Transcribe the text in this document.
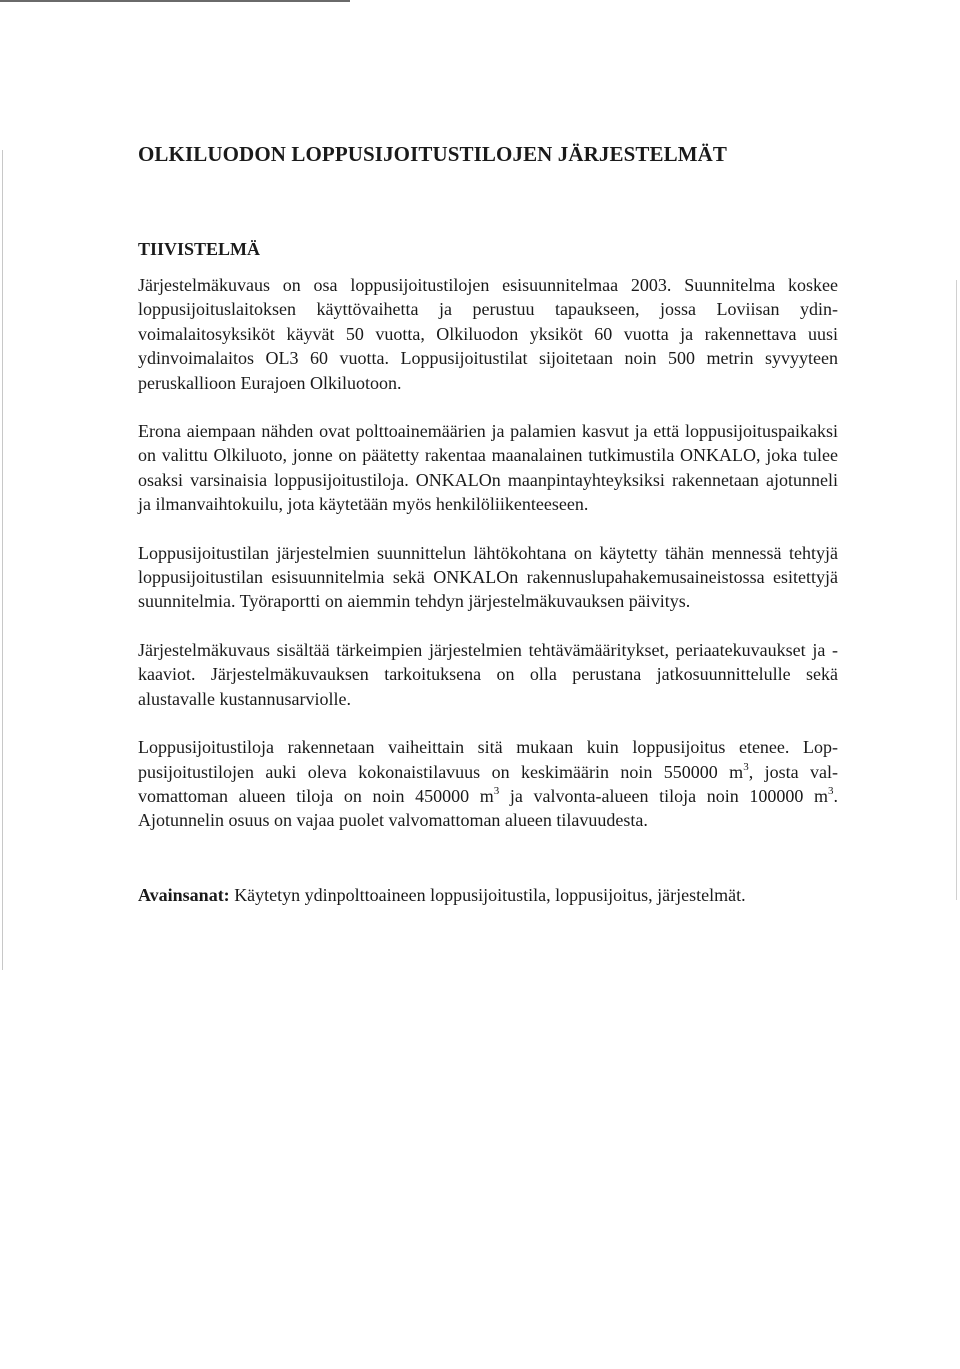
OLKILUODON LOPPUSIJOITUSTILOJEN JÄRJESTELMÄT
TIIVISTELMÄ

Järjestelmäkuvaus on osa loppusijoitustilojen esisuunnitelmaa 2003. Suunnitelma koskee loppusijoituslaitoksen käyttövaihetta ja perustuu tapaukseen, jossa Loviisan ydinvoimalaitosyksiköt käyvät 50 vuotta, Olkiluodon yksiköt 60 vuotta ja rakennettava uusi ydinvoimalaitos OL3 60 vuotta. Loppusijoitustilat sijoitetaan noin 500 metrin syvyyteen peruskallioon Eurajoen Olkiluotoon.

Erona aiempaan nähden ovat polttoainemäärien ja palamien kasvut ja että loppusijoituspaikaksi on valittu Olkiluoto, jonne on päätetty rakentaa maanalainen tutkimustila ONKALO, joka tulee osaksi varsinaisia loppusijoitustiloja. ONKALOn maanpintayhteyksiksi rakennetaan ajotunneli ja ilmanvaihtokuilu, jota käytetään myös henkilöliikenteeseen.

Loppusijoitustilan järjestelmien suunnittelun lähtökohtana on käytetty tähän mennessä tehtyjä loppusijoitustilan esisuunnitelmia sekä ONKALOn rakennuslupahakemusaineistossa esitettyjä suunnitelmia. Työraportti on aiemmin tehdyn järjestelmäkuvauksen päivitys.

Järjestelmäkuvaus sisältää tärkeimpien järjestelmien tehtävämääritykset, periaatekuvaukset ja -kaaviot. Järjestelmäkuvauksen tarkoituksena on olla perustana jatkosuunnittelulle sekä alustavalle kustannusarviolle.

Loppusijoitustiloja rakennetaan vaiheittain sitä mukaan kuin loppusijoitus etenee. Loppusijoitustilojen auki oleva kokonaistilavuus on keskimäärin noin 550000 $m^3$, josta valvomattoman alueen tiloja on noin 450000 $m^3$ ja valvonta-alueen tiloja noin 100000 $m^3$. Ajotunnelin osuus on vajaa puolet valvomattoman alueen tilavuudesta.

Avainsanat: Käytetyn ydinpolttoaineen loppusijoitustila, loppusijoitus, järjestelmät.
